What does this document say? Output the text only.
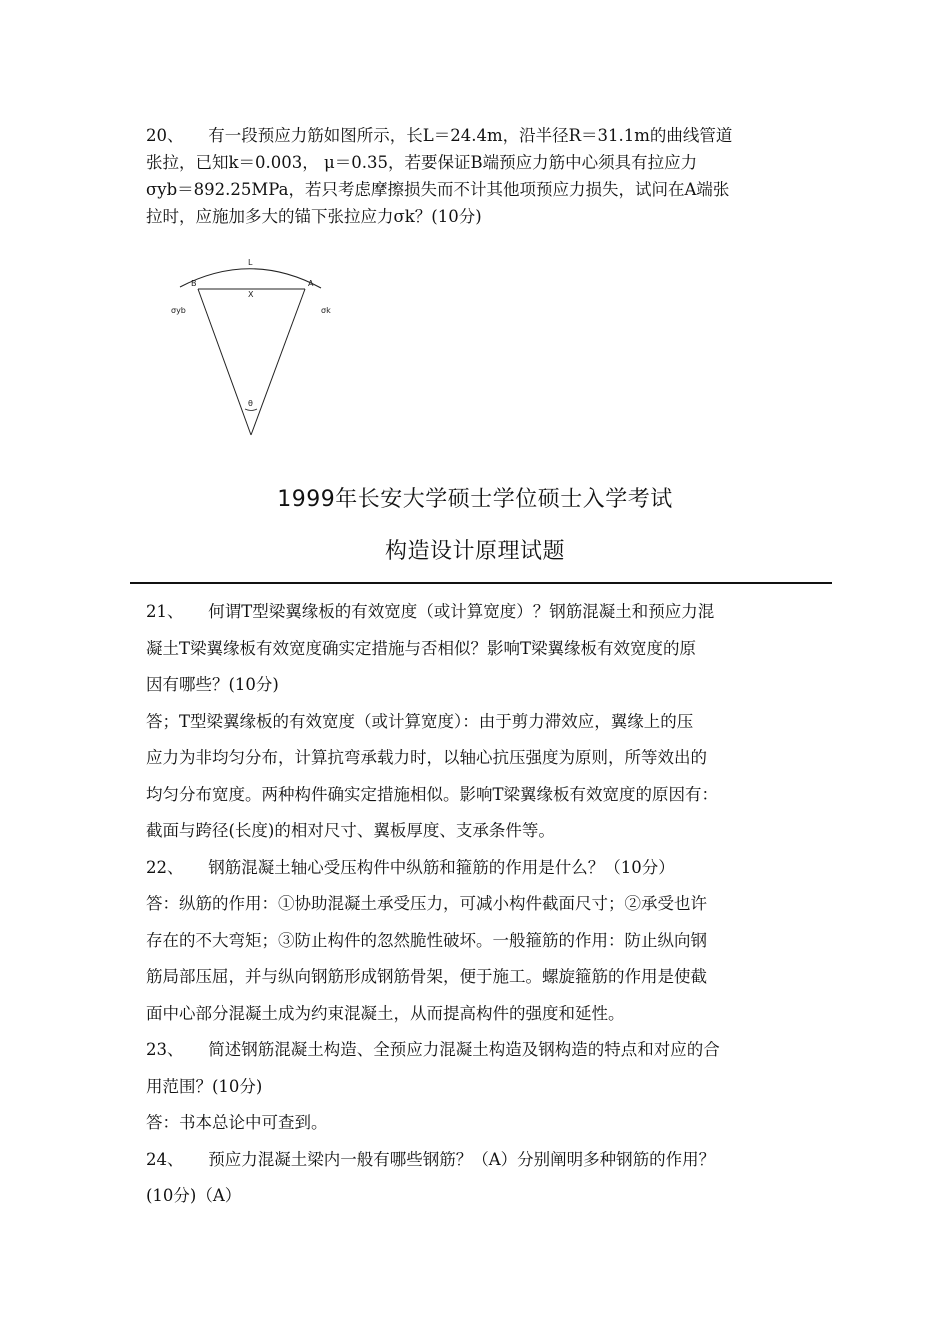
20、　　有一段预应力筋如图所示，长L＝24.4m，沿半径R＝31.1m的曲线管道

张拉，已知k＝0.003， μ＝0.35，若要保证B端预应力筋中心须具有拉应力

σyb＝892.25MPa，若只考虑摩擦损失而不计其他项预应力损失，试问在A端张

拉时，应施加多大的锚下张拉应力σk？(10分)

L
B	A
X
σyb	σk
θ
1999年长安大学硕士学位硕士入学考试
构造设计原理试题

21、　　何谓T型梁翼缘板的有效宽度（或计算宽度）？钢筋混凝土和预应力混

凝土T梁翼缘板有效宽度确实定措施与否相似？影响T梁翼缘板有效宽度的原

因有哪些？(10分)

答；T型梁翼缘板的有效宽度（或计算宽度）：由于剪力滞效应，翼缘上的压

应力为非均匀分布，计算抗弯承载力时，以轴心抗压强度为原则，所等效出的

均匀分布宽度。两种构件确实定措施相似。影响T梁翼缘板有效宽度的原因有：

截面与跨径(长度)的相对尺寸、翼板厚度、支承条件等。

22、　　钢筋混凝土轴心受压构件中纵筋和箍筋的作用是什么？（10分）

答：纵筋的作用：①协助混凝土承受压力，可减小构件截面尺寸；②承受也许

存在的不大弯矩；③防止构件的忽然脆性破坏。一般箍筋的作用：防止纵向钢

筋局部压屈，并与纵向钢筋形成钢筋骨架，便于施工。螺旋箍筋的作用是使截

面中心部分混凝土成为约束混凝土，从而提高构件的强度和延性。

23、　　简述钢筋混凝土构造、全预应力混凝土构造及钢构造的特点和对应的合

用范围？(10分)

答：书本总论中可查到。

24、　　预应力混凝土梁内一般有哪些钢筋？（A）分别阐明多种钢筋的作用？

(10分)（A）
